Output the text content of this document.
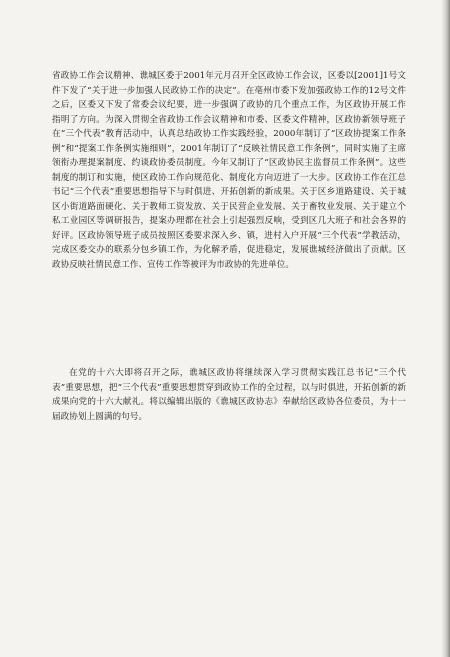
省政协工作会议精神、谯城区委于2001年元月召开全区政协工作会议，区委以[2001]1号文件下发了“关于进一步加强人民政协工作的决定”。在亳州市委下发加强政协工作的12号文件之后，区委又下发了常委会议纪要，进一步强调了政协的几个重点工作，为区政协开展工作指明了方向。为深入贯彻全省政协工作会议精神和市委、区委文件精神，区政协新领导班子在“三个代表”教育活动中，认真总结政协工作实践经验，2000年制订了“区政协提案工作条例”和“提案工作条例实施细则”，2001年制订了“反映社情民意工作条例”，同时实施了主席领衔办理提案制度、约谈政协委员制度。今年又制订了“区政协民主监督员工作条例”。这些制度的制订和实施，使区政协工作向规范化、制度化方向迈进了一大步。区政协工作在江总书记“三个代表”重要思想指导下与时俱进、开拓创新的新成果。关于区乡道路建设、关于城区小街道路面硬化、关于教师工资发放、关于民营企业发展、关于畜牧业发展、关于建立个私工业园区等调研报告，提案办理都在社会上引起强烈反响，受到区几大班子和社会各界的好评。区政协领导班子成员按照区委要求深入乡、镇，进村入户开展“三个代表”学教活动，完成区委交办的联系分包乡镇工作，为化解矛盾，促进稳定，发展谯城经济做出了贡献。区政协反映社情民意工作、宣传工作等被评为市政协的先进单位。

在党的十六大即将召开之际，谯城区政协将继续深入学习贯彻实践江总书记“三个代表”重要思想，把“三个代表”重要思想贯穿到政协工作的全过程，以与时俱进，开拓创新的新成果向党的十六大献礼。将以编辑出版的《谯城区政协志》奉献给区政协各位委员，为十一届政协划上圆满的句号。
